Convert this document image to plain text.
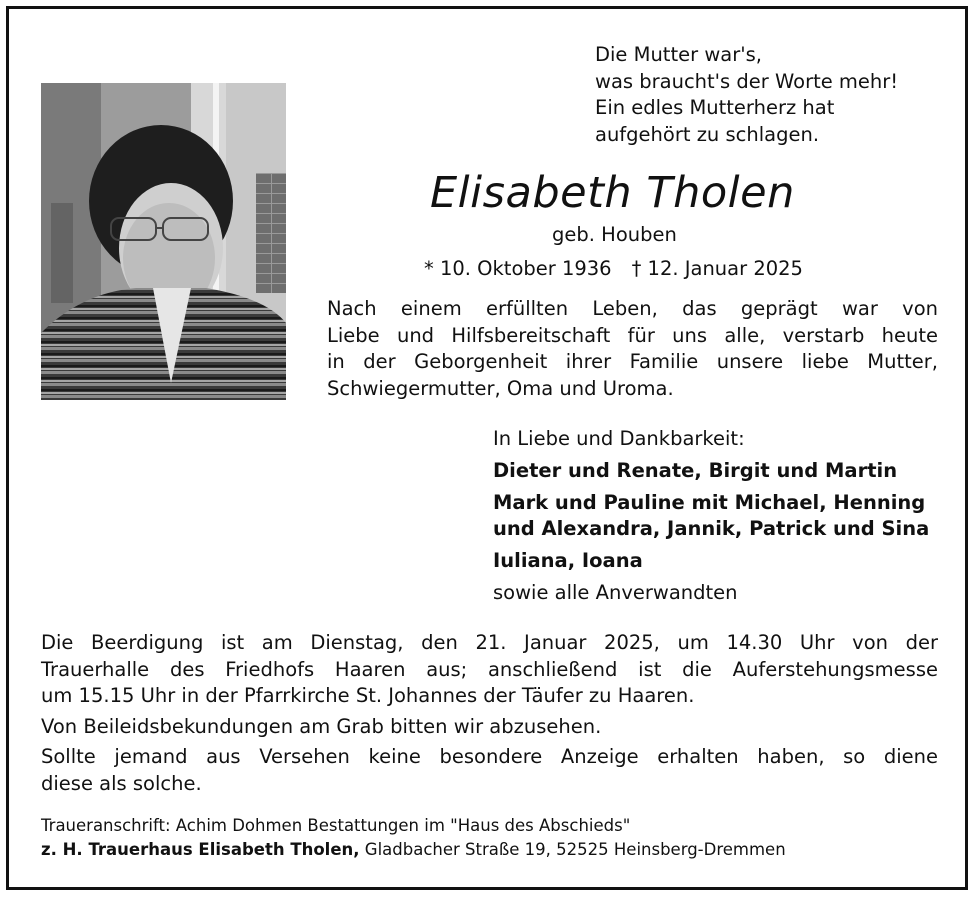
Die Mutter war's,
was braucht's der Worte mehr!
Ein edles Mutterherz hat
aufgehört zu schlagen.
Elisabeth Tholen
geb. Houben
* 10. Oktober 1936 † 12. Januar 2025
Nach einem erfüllten Leben, das geprägt war von
Liebe und Hilfsbereitschaft für uns alle, verstarb heute
in der Geborgenheit ihrer Familie unsere liebe Mutter,
Schwiegermutter, Oma und Uroma.
In Liebe und Dankbarkeit:
Dieter und Renate, Birgit und Martin
Mark und Pauline mit Michael, Henning
und Alexandra, Jannik, Patrick und Sina
Iuliana, Ioana
sowie alle Anverwandten
Die Beerdigung ist am Dienstag, den 21. Januar 2025, um 14.30 Uhr von der
Trauerhalle des Friedhofs Haaren aus; anschließend ist die Auferstehungsmesse
um 15.15 Uhr in der Pfarrkirche St. Johannes der Täufer zu Haaren.
Von Beileidsbekundungen am Grab bitten wir abzusehen.
Sollte jemand aus Versehen keine besondere Anzeige erhalten haben, so diene
diese als solche.
Traueranschrift: Achim Dohmen Bestattungen im "Haus des Abschieds"
z. H. Trauerhaus Elisabeth Tholen, Gladbacher Straße 19, 52525 Heinsberg-Dremmen
